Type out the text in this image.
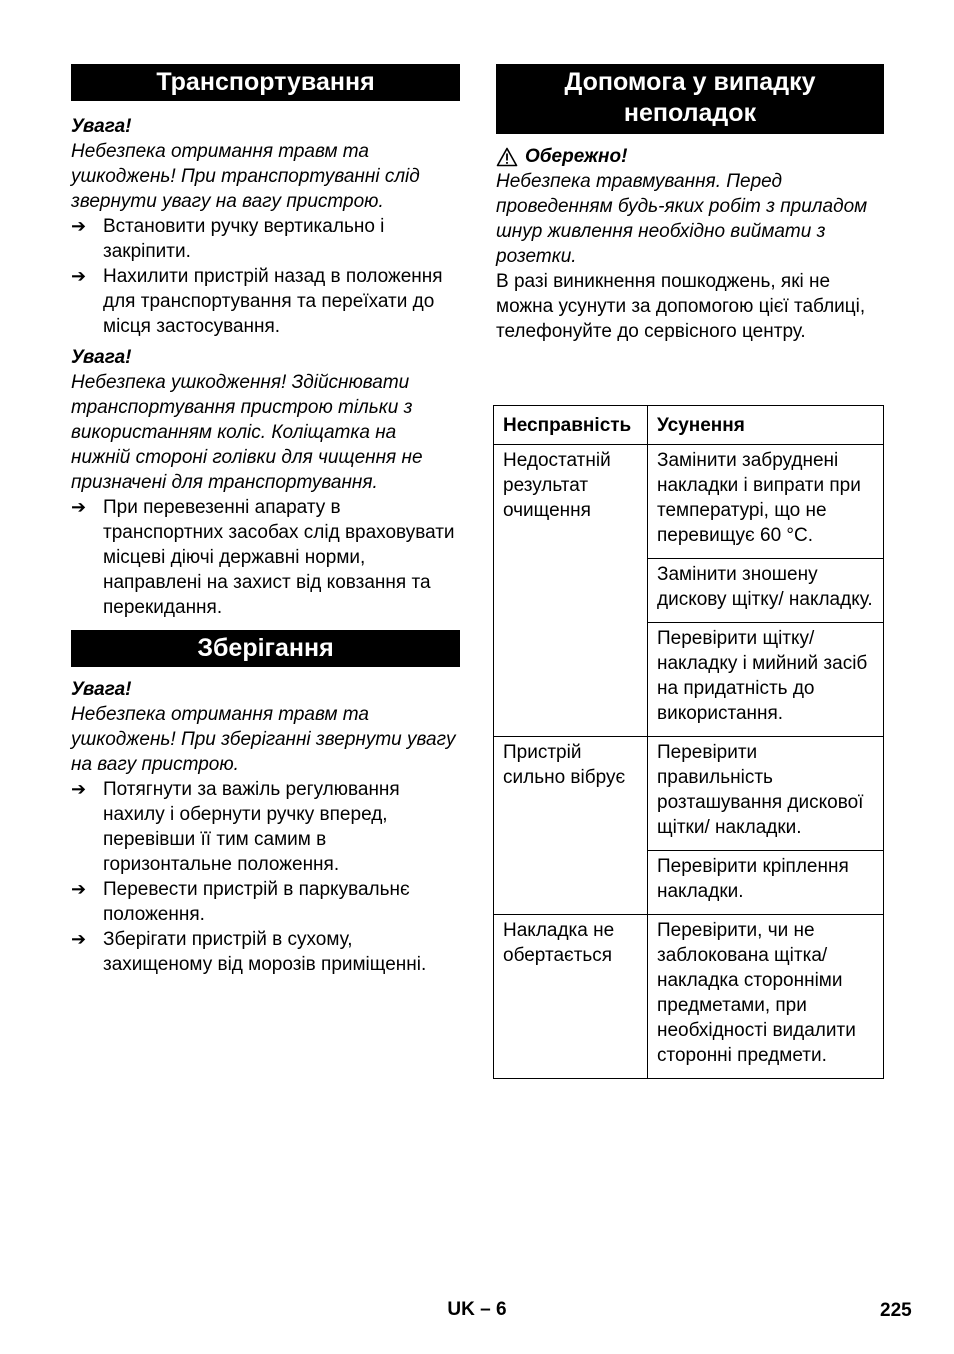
Транспортування

Увага!

Небезпека отримання травм та ушкоджень! При транспортуванні слід звернути увагу на вагу пристрою.

➔ Встановити ручку вертикально і закріпити.
➔ Нахилити пристрій назад в положення для транспортування та переїхати до місця застосування.

Увага!

Небезпека ушкодження! Здійснювати транспортування пристрою тільки з використанням коліс. Коліщатка на нижній стороні голівки для чищення не призначені для транспортування.

➔ При перевезенні апарату в транспортних засобах слід враховувати місцеві діючі державні норми, направлені на захист від ковзання та перекидання.
Зберігання

Увага!

Небезпека отримання травм та ушкоджень! При зберіганні звернути увагу на вагу пристрою.

➔ Потягнути за важіль регулювання нахилу і обернути ручку вперед, перевівши її тим самим в горизонтальне положення.
➔ Перевести пристрій в паркувальнє положення.
➔ Зберігати пристрій в сухому, захищеному від морозів приміщенні.
Допомога у випадку неполадок

Обережно!

Небезпека травмування. Перед проведенням будь-яких робіт з приладом шнур живлення необхідно виймати з розетки.

В разі виникнення пошкоджень, які не можна усунути за допомогою цієї таблиці, телефонуйте до сервісного центру.

Несправність	Усунення
Недостатній результат очищення	Замінити забруднені накладки і випрати при температурі, що не перевищує 60 °С.
	Замінити зношену дискову щітку/ накладку.
	Перевірити щітку/ накладку і мийний засіб на придатність до використання.
Пристрій сильно вібрує	Перевірити правильність розташування дискової щітки/ накладки.
	Перевірити кріплення накладки.
Накладка не обертається	Перевірити, чи не заблокована щітка/ накладка сторонніми предметами, при необхідності видалити сторонні предмети.
UK – 6	225
